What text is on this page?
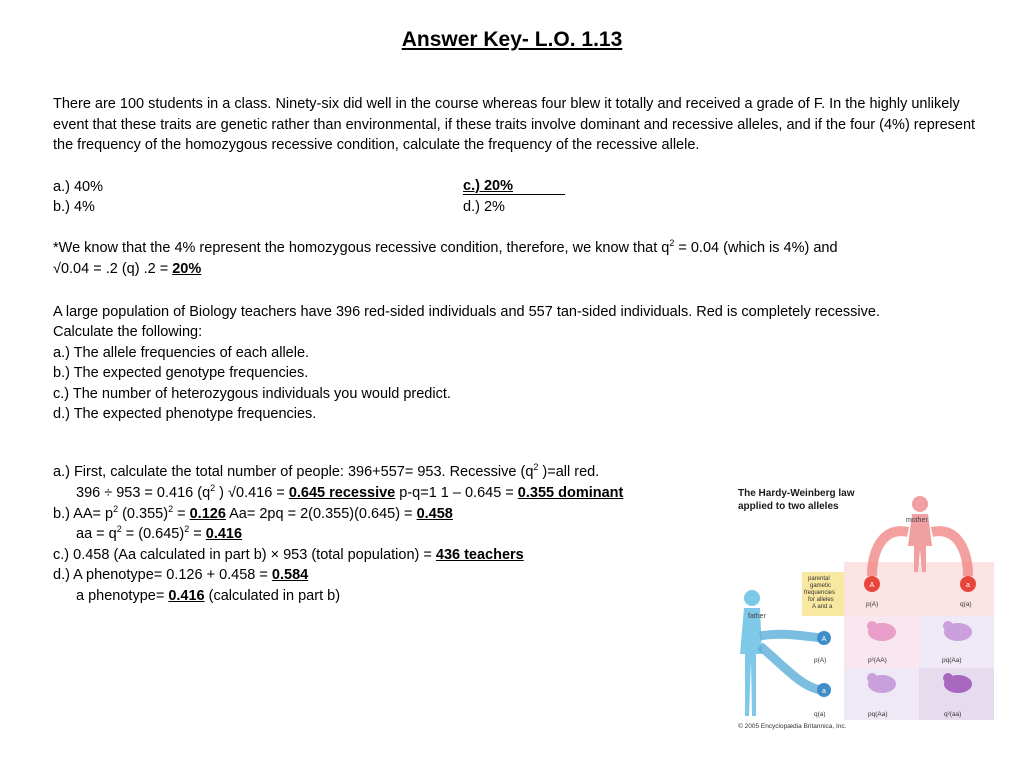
Answer Key- L.O. 1.13
There are 100 students in a class. Ninety-six did well in the course whereas four blew it totally and received a grade of F. In the highly unlikely event that these traits are genetic rather than environmental, if these traits involve dominant and recessive alleles, and if the four (4%) represent the frequency of the homozygous recessive condition, calculate the frequency of the recessive allele.
a.) 40%
b.) 4%
c.) 20%
d.) 2%
*We know that the 4% represent the homozygous recessive condition, therefore, we know that $q^2 = 0.04$ (which is 4%) and
√0.04 = .2 (q) .2 = 20%
A large population of Biology teachers have 396 red-sided individuals and 557 tan-sided individuals. Red is completely recessive.
Calculate the following:
a.) The allele frequencies of each allele.
b.) The expected genotype frequencies.
c.) The number of heterozygous individuals you would predict.
d.) The expected phenotype frequencies.
a.) First, calculate the total number of people: 396+557= 953. Recessive ($q^2$ )=all red.
396 ÷ 953 = 0.416 ($q^2$ ) √0.416 = 0.645 recessive p-q=1 1 – 0.645 = 0.355 dominant
b.) $AA= p^2$ $(0.355)^2 = 0.126$ Aa= 2pq = 2(0.355)(0.645) = 0.458
aa = $q^2 = (0.645)^2 = 0.416$
c.) 0.458 (Aa calculated in part b) × 953 (total population) = 436 teachers
d.) A phenotype= 0.126 + 0.458 = 0.584
a phenotype= 0.416 (calculated in part b)
A	a
A
a
The Hardy-Weinberg law
applied to two alleles
mother
father
parental
gametic
frequencies
for alleles
A and a	p(A)	q(a)
p(A)
q(a)
p²(AA)	pq(Aa)
pq(Aa)	q²(aa)
© 2005 Encyclopædia Britannica, Inc.
